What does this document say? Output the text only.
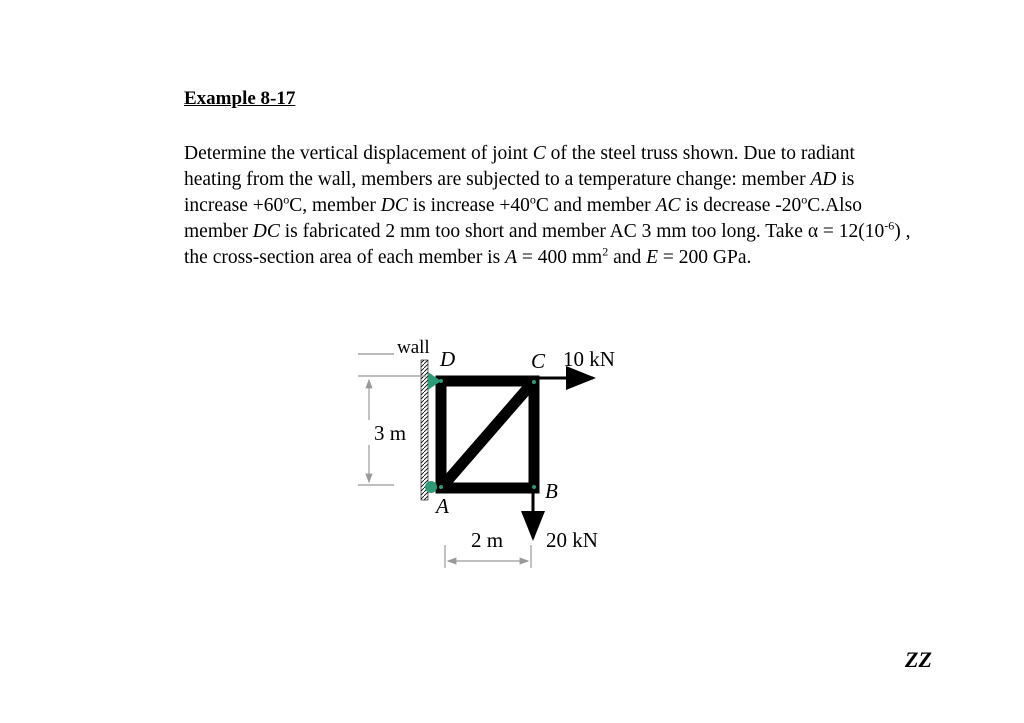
Example 8-17

Determine the vertical displacement of joint C of the steel truss shown. Due to radiant heating from the wall, members are subjected to a temperature change: member AD is increase $+60^oC$, member DC is increase $+40^oC$ and member AC is decrease -20$^o$C.Also member DC is fabricated 2 mm too short and member AC 3 mm too long. Take $\alpha = 12(10^{-6})$ , the cross-section area of each member is A = 400 $mm^2$ and E = 200 GPa.

wall D	C
B
A
10 kN
20 kN
3 m
2 m
ZZ
